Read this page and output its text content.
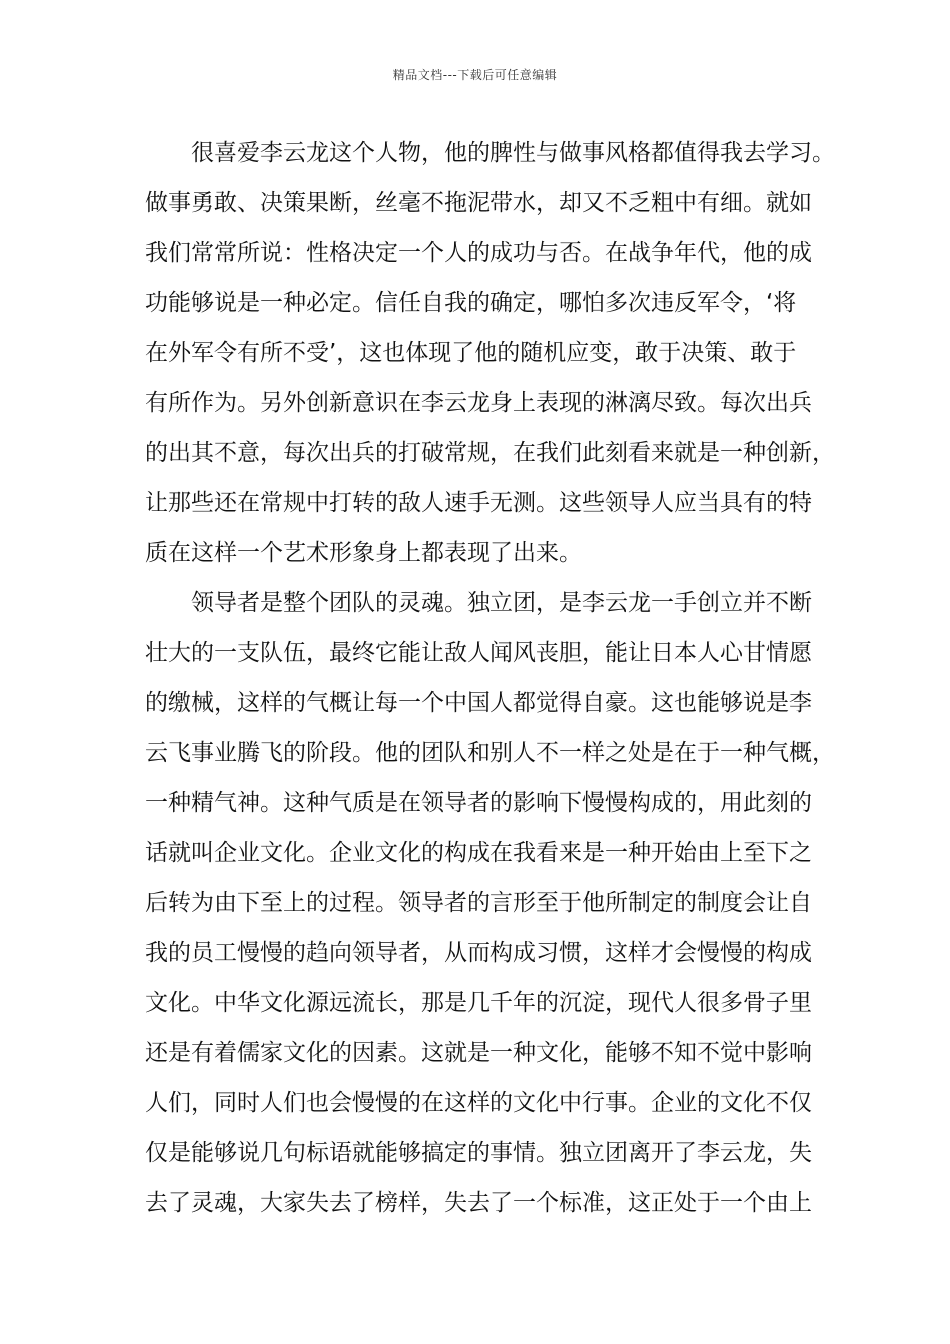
精品文档---下载后可任意编辑
很喜爱李云龙这个人物，他的脾性与做事风格都值得我去学习。
做事勇敢、决策果断，丝毫不拖泥带水，却又不乏粗中有细。就如
我们常常所说：性格决定一个人的成功与否。在战争年代，他的成
功能够说是一种必定。信任自我的确定，哪怕多次违反军令，‘将
在外军令有所不受’，这也体现了他的随机应变，敢于决策、敢于
有所作为。另外创新意识在李云龙身上表现的淋漓尽致。每次出兵
的出其不意，每次出兵的打破常规，在我们此刻看来就是一种创新，
让那些还在常规中打转的敌人速手无测。这些领导人应当具有的特
质在这样一个艺术形象身上都表现了出来。
领导者是整个团队的灵魂。独立团，是李云龙一手创立并不断
壮大的一支队伍，最终它能让敌人闻风丧胆，能让日本人心甘情愿
的缴械，这样的气概让每一个中国人都觉得自豪。这也能够说是李
云飞事业腾飞的阶段。他的团队和别人不一样之处是在于一种气概，
一种精气神。这种气质是在领导者的影响下慢慢构成的，用此刻的
话就叫企业文化。企业文化的构成在我看来是一种开始由上至下之
后转为由下至上的过程。领导者的言形至于他所制定的制度会让自
我的员工慢慢的趋向领导者，从而构成习惯，这样才会慢慢的构成
文化。中华文化源远流长，那是几千年的沉淀，现代人很多骨子里
还是有着儒家文化的因素。这就是一种文化，能够不知不觉中影响
人们，同时人们也会慢慢的在这样的文化中行事。企业的文化不仅
仅是能够说几句标语就能够搞定的事情。独立团离开了李云龙，失
去了灵魂，大家失去了榜样，失去了一个标准，这正处于一个由上
